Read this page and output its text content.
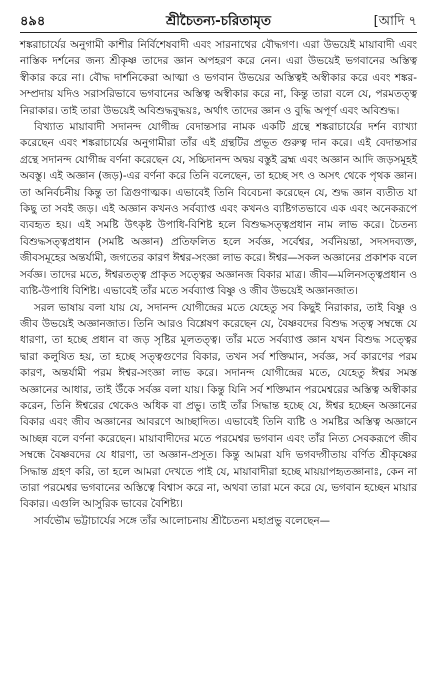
৪৯৪	শ্রীচৈতন্য-চরিতামৃত	[আদি ৭

শঙ্করাচার্যের অনুগামী কাশীর নির্বিশেষবাদী এবং সারনাথের বৌদ্ধগণ। এরা উভয়েই মায়াবাদী এবং নাস্তিক দর্শনের জন্য শ্রীকৃষ্ণ তাদের জ্ঞান অপহরণ করে নেন। এরা উভয়েই ভগবানের অস্তিত্ব স্বীকার করে না। বৌদ্ধ দার্শনিকেরা আত্মা ও ভগবান উভয়ের অস্তিত্বই অস্বীকার করে এবং শঙ্কর-সম্প্রদায় যদিও সরাসরিভাবে ভগবানের অস্তিত্ব অস্বীকার করে না, কিন্তু তারা বলে যে, পরমতত্ত্ব নিরাকার। তাই তারা উভয়েই অবিশুদ্ধবুদ্ধয়ঃ, অর্থাৎ তাদের জ্ঞান ও বুদ্ধি অপূর্ণ এবং অবিশুদ্ধ।

বিখ্যাত মায়াবাদী সদানন্দ যোগীন্দ্র বেদান্তসার নামক একটি গ্রন্থে শঙ্করাচার্যের দর্শন ব্যাখ্যা করেছেন এবং শঙ্করাচার্যের অনুগামীরা তাঁর এই গ্রন্থটির প্রভূত গুরুত্ব দান করে। এই বেদান্তসার গ্রন্থে সদানন্দ যোগীন্দ্র বর্ণনা করেছেন যে, সচ্চিদানন্দ অদ্বয় বস্তুই ব্রহ্ম এবং অজ্ঞান আদি জড়সমূহই অবস্তু। এই অজ্ঞান (জড়)-এর বর্ণনা করে তিনি বলেছেন, তা হচ্ছে সৎ ও অসৎ থেকে পৃথক জ্ঞান। তা অনির্বচনীয় কিন্তু তা ত্রিগুণাত্মক। এভাবেই তিনি বিবেচনা করেছেন যে, শুদ্ধ জ্ঞান ব্যতীত যা কিছু তা সবই জড়। এই অজ্ঞান কখনও সর্বব্যাপ্ত এবং কখনও ব্যষ্টিগতভাবে এক এবং অনেকরূপে ব্যবহৃত হয়। এই সমষ্টি উৎকৃষ্ট উপাধি-বিশিষ্ট হলে বিশুদ্ধসত্ত্বপ্রধান নাম লাভ করে। চৈতন্য বিশুদ্ধসত্ত্বপ্রধান (সমষ্টি অজ্ঞান) প্রতিফলিত হলে সর্বজ্ঞ, সর্বেশ্বর, সর্বনিয়ন্তা, সদসদব্যক্ত, জীবসমূহের অন্তর্যামী, জগতের কারণ ঈশ্বর-সংজ্ঞা লাভ করে। ঈশ্বর—সকল অজ্ঞানের প্রকাশক বলে সর্বজ্ঞ। তাদের মতে, ঈশ্বরতত্ত্ব প্রাকৃত সত্ত্বের অজ্ঞানজ বিকার মাত্র। জীব—মলিনসত্ত্বপ্রধান ও ব্যষ্টি-উপাধি বিশিষ্ট। এভাবেই তাঁর মতে সর্বব্যাপ্ত বিষ্ণু ও জীব উভয়েই অজ্ঞানজাত।

সরল ভাষায় বলা যায় যে, সদানন্দ যোগীন্দ্রের মতে যেহেতু সব কিছুই নিরাকার, তাই বিষ্ণু ও জীব উভয়েই অজ্ঞানজাত। তিনি আরও বিশ্লেষণ করেছেন যে, বৈষ্ণবদের বিশুদ্ধ সত্ত্ব সম্বন্ধে যে ধারণা, তা হচ্ছে প্রধান বা জড় সৃষ্টির মূলতত্ত্ব। তাঁর মতে সর্বব্যাপ্ত জ্ঞান যখন বিশুদ্ধ সত্ত্বের দ্বারা কলুষিত হয়, তা হচ্ছে সত্ত্বগুণের বিকার, তখন সর্ব শক্তিমান, সর্বজ্ঞ, সর্ব কারণের পরম কারণ, অন্তর্যামী পরম ঈশ্বর-সংজ্ঞা লাভ করে। সদানন্দ যোগীন্দ্রের মতে, যেহেতু ঈশ্বর সমস্ত অজ্ঞানের আধার, তাই উঁকে সর্বজ্ঞ বলা যায়। কিন্তু যিনি সর্ব শক্তিমান পরমেশ্বরের অস্তিত্ব অস্বীকার করেন, তিনি ঈশ্বরের থেকেও অধিক বা প্রভু। তাই তাঁর সিদ্ধান্ত হচ্ছে যে, ঈশ্বর হচ্ছেন অজ্ঞানের বিকার এবং জীব অজ্ঞানের আবরণে আচ্ছাদিত। এভাবেই তিনি ব্যষ্টি ও সমষ্টির অস্তিত্ব অজ্ঞানে আচ্ছন্ন বলে বর্ণনা করেছেন। মায়াবাদীদের মতে পরমেশ্বর ভগবান এবং তাঁর নিত্য সেবকরূপে জীব সম্বন্ধে বৈষ্ণবদের যে ধারণা, তা অজ্ঞান-প্রসূত। কিন্তু আমরা যদি ভগবদ্গীতায় বর্ণিত শ্রীকৃষ্ণের সিদ্ধান্ত গ্রহণ করি, তা হলে আমরা দেখতে পাই যে, মায়াবাদীরা হচ্ছে মায়য়াপহৃতজ্ঞানাঃ, কেন না তারা পরমেশ্বর ভগবানের অস্তিত্বে বিশ্বাস করে না, অথবা তারা মনে করে যে, ভগবান হচ্ছেন মায়ার বিকার। এগুলি আসুরিক ভাবের বৈশিষ্ট্য।

সার্বভৌম ভট্টাচার্যের সঙ্গে তাঁর আলোচনায় শ্রীচৈতন্য মহাপ্রভু বলেছেন—
